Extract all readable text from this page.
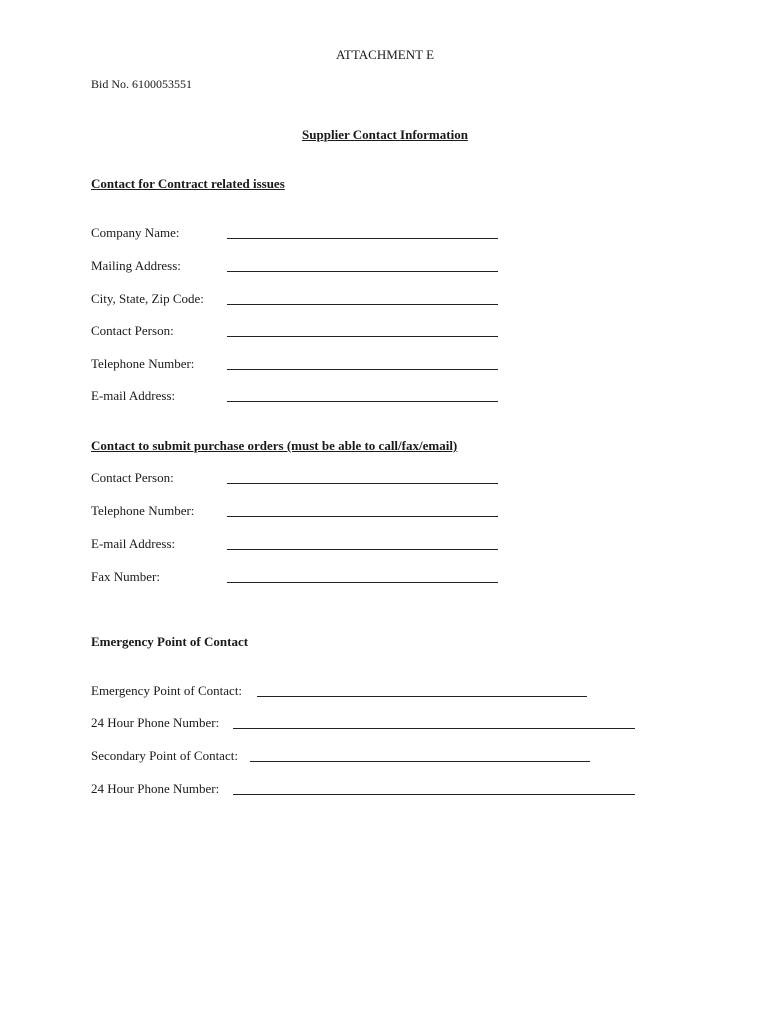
ATTACHMENT E
Bid No. 6100053551
Supplier Contact Information
Contact for Contract related issues
Company Name:
Mailing Address:
City, State, Zip Code:
Contact Person:
Telephone Number:
E-mail Address:
Contact to submit purchase orders (must be able to call/fax/email)
Contact Person:
Telephone Number:
E-mail Address:
Fax Number:
Emergency Point of Contact
Emergency Point of Contact:
24 Hour Phone Number:
Secondary Point of Contact:
24 Hour Phone Number:
